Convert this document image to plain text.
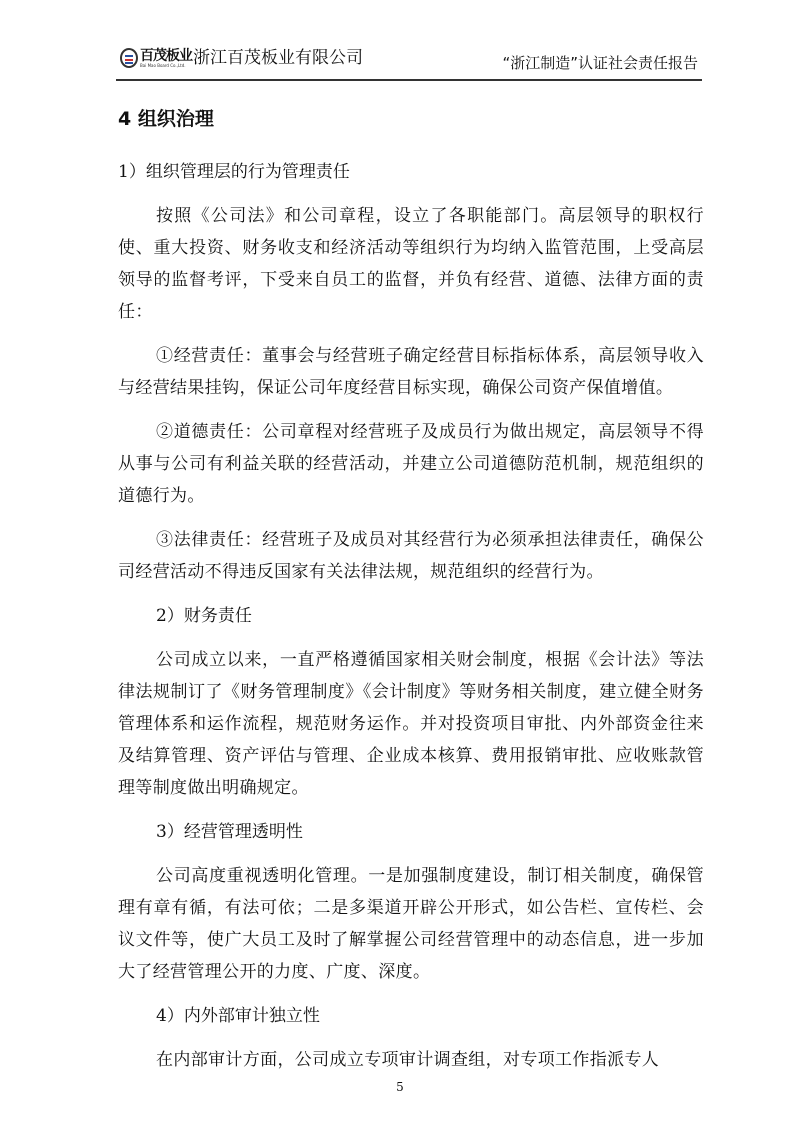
百茂板业
Bai Mao Board Co.,Ltd. 浙江百茂板业有限公司	“浙江制造”认证社会责任报告
4 组织治理
1）组织管理层的行为管理责任

按照《公司法》和公司章程，设立了各职能部门。高层领导的职权行使、重大投资、财务收支和经济活动等组织行为均纳入监管范围，上受高层领导的监督考评，下受来自员工的监督，并负有经营、道德、法律方面的责任：

①经营责任：董事会与经营班子确定经营目标指标体系，高层领导收入与经营结果挂钩，保证公司年度经营目标实现，确保公司资产保值增值。

②道德责任：公司章程对经营班子及成员行为做出规定，高层领导不得从事与公司有利益关联的经营活动，并建立公司道德防范机制，规范组织的道德行为。

③法律责任：经营班子及成员对其经营行为必须承担法律责任，确保公司经营活动不得违反国家有关法律法规，规范组织的经营行为。

2）财务责任

公司成立以来，一直严格遵循国家相关财会制度，根据《会计法》等法律法规制订了《财务管理制度》《会计制度》等财务相关制度，建立健全财务管理体系和运作流程，规范财务运作。并对投资项目审批、内外部资金往来及结算管理、资产评估与管理、企业成本核算、费用报销审批、应收账款管理等制度做出明确规定。

3）经营管理透明性

公司高度重视透明化管理。一是加强制度建设，制订相关制度，确保管理有章有循，有法可依；二是多渠道开辟公开形式，如公告栏、宣传栏、会议文件等，使广大员工及时了解掌握公司经营管理中的动态信息，进一步加大了经营管理公开的力度、广度、深度。

4）内外部审计独立性

在内部审计方面，公司成立专项审计调查组，对专项工作指派专人

5
